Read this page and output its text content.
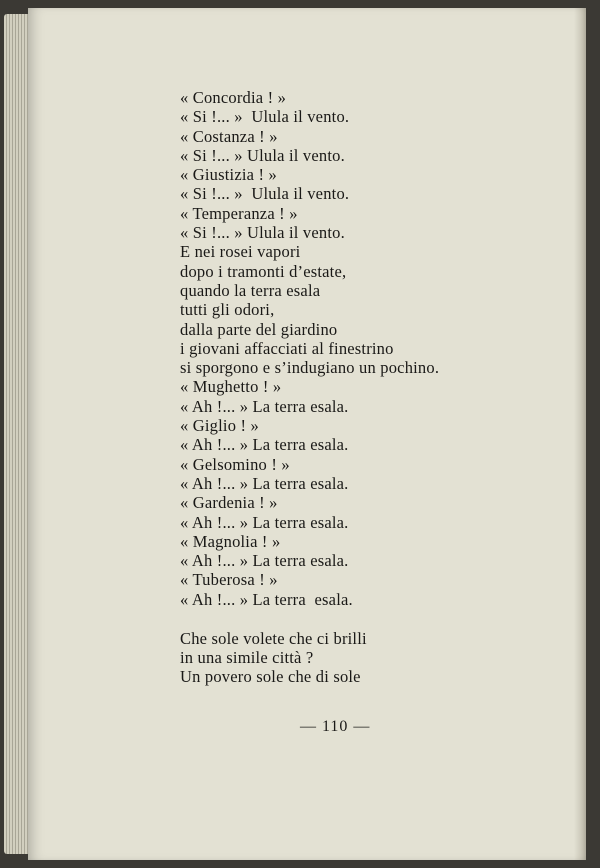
« Concordia ! »
« Si !... »  Ulula il vento.
« Costanza ! »
« Si !... » Ulula il vento.
« Giustizia ! »
« Si !... »  Ulula il vento.
« Temperanza ! »
« Si !... » Ulula il vento.
E nei rosei vapori
dopo i tramonti d’estate,
quando la terra esala
tutti gli odori,
dalla parte del giardino
i giovani affacciati al finestrino
si sporgono e s’indugiano un pochino.
« Mughetto ! »
« Ah !... » La terra esala.
« Giglio ! »
« Ah !... » La terra esala.
« Gelsomino ! »
« Ah !... » La terra esala.
« Gardenia ! »
« Ah !... » La terra esala.
« Magnolia ! »
« Ah !... » La terra esala.
« Tuberosa ! »
« Ah !... » La terra  esala.
Che sole volete che ci brilli
in una simile città ?
Un povero sole che di sole
— 110 —
